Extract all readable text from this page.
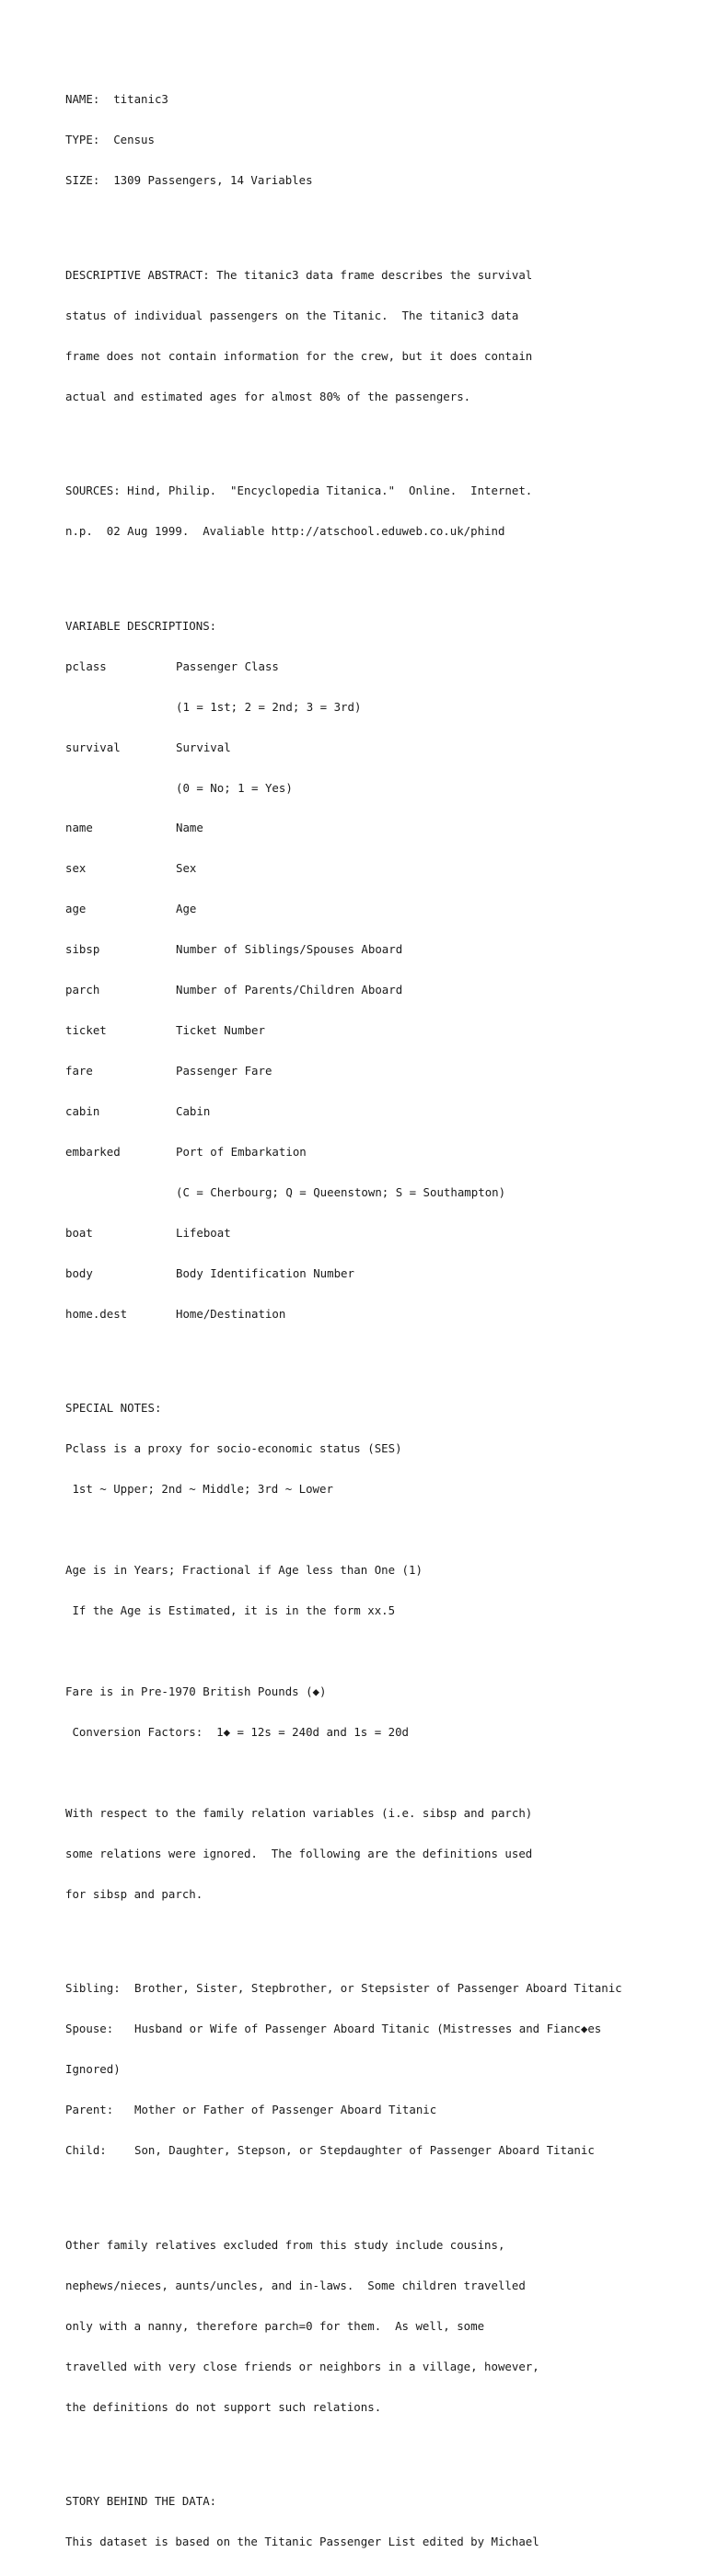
NAME:  titanic3

TYPE:  Census

SIZE:  1309 Passengers, 14 Variables

DESCRIPTIVE ABSTRACT: The titanic3 data frame describes the survival

status of individual passengers on the Titanic.  The titanic3 data

frame does not contain information for the crew, but it does contain

actual and estimated ages for almost 80% of the passengers.

SOURCES: Hind, Philip.  "Encyclopedia Titanica."  Online.  Internet.

n.p.  02 Aug 1999.  Avaliable http://atschool.eduweb.co.uk/phind

VARIABLE DESCRIPTIONS:

pclass	Passenger Class

(1 = 1st; 2 = 2nd; 3 = 3rd)

survival	Survival

(0 = No; 1 = Yes)

name	Name

sex	Sex

age	Age

sibsp	Number of Siblings/Spouses Aboard

parch	Number of Parents/Children Aboard

ticket	Ticket Number

fare	Passenger Fare

cabin	Cabin

embarked	Port of Embarkation

(C = Cherbourg; Q = Queenstown; S = Southampton)

boat	Lifeboat

body	Body Identification Number

home.dest	Home/Destination

SPECIAL NOTES:

Pclass is a proxy for socio-economic status (SES)

1st ~ Upper; 2nd ~ Middle; 3rd ~ Lower

Age is in Years; Fractional if Age less than One (1)

If the Age is Estimated, it is in the form xx.5

Fare is in Pre-1970 British Pounds (◆)

Conversion Factors:  1◆ = 12s = 240d and 1s = 20d

With respect to the family relation variables (i.e. sibsp and parch)

some relations were ignored.  The following are the definitions used

for sibsp and parch.

Sibling: Brother, Sister, Stepbrother, or Stepsister of Passenger Aboard Titanic

Spouse: Husband or Wife of Passenger Aboard Titanic (Mistresses and Fianc◆es

Ignored)

Parent: Mother or Father of Passenger Aboard Titanic

Child: Son, Daughter, Stepson, or Stepdaughter of Passenger Aboard Titanic

Other family relatives excluded from this study include cousins,

nephews/nieces, aunts/uncles, and in-laws.  Some children travelled

only with a nanny, therefore parch=0 for them.  As well, some

travelled with very close friends or neighbors in a village, however,

the definitions do not support such relations.

STORY BEHIND THE DATA:

This dataset is based on the Titanic Passenger List edited by Michael
